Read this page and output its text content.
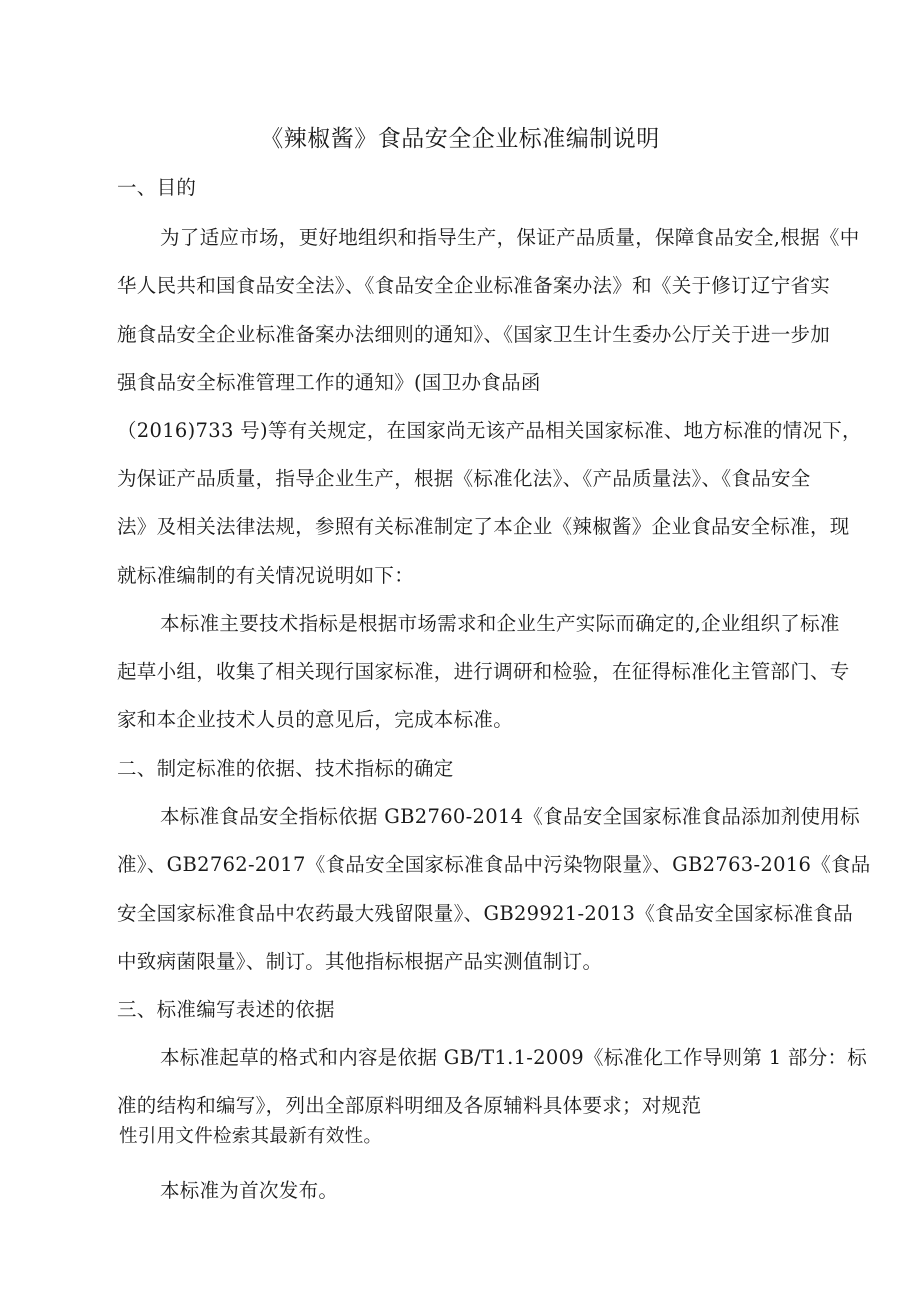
《辣椒酱》食品安全企业标准编制说明
一、目的
为了适应市场，更好地组织和指导生产，保证产品质量，保障食品安全,根据《中
华人民共和国食品安全法》、《食品安全企业标准备案办法》和《关于修订辽宁省实
施食品安全企业标准备案办法细则的通知》、《国家卫生计生委办公厅关于进一步加
强食品安全标准管理工作的通知》(国卫办食品函
（2016)733 号)等有关规定，在国家尚无该产品相关国家标准、地方标准的情况下，
为保证产品质量，指导企业生产，根据《标准化法》、《产品质量法》、《食品安全
法》及相关法律法规，参照有关标准制定了本企业《辣椒酱》企业食品安全标准，现
就标准编制的有关情况说明如下：
本标准主要技术指标是根据市场需求和企业生产实际而确定的,企业组织了标准
起草小组，收集了相关现行国家标准，进行调研和检验，在征得标准化主管部门、专
家和本企业技术人员的意见后，完成本标准。
二、制定标准的依据、技术指标的确定
本标准食品安全指标依据 GB2760-2014《食品安全国家标准食品添加剂使用标
准》、GB2762-2017《食品安全国家标准食品中污染物限量》、GB2763-2016《食品
安全国家标准食品中农药最大残留限量》、GB29921-2013《食品安全国家标准食品
中致病菌限量》、制订。其他指标根据产品实测值制订。
三、标准编写表述的依据
本标准起草的格式和内容是依据 GB/T1.1-2009《标准化工作导则第 1 部分：标
准的结构和编写》，列出全部原料明细及各原辅料具体要求；对规范
性引用文件检索其最新有效性。
本标准为首次发布。
